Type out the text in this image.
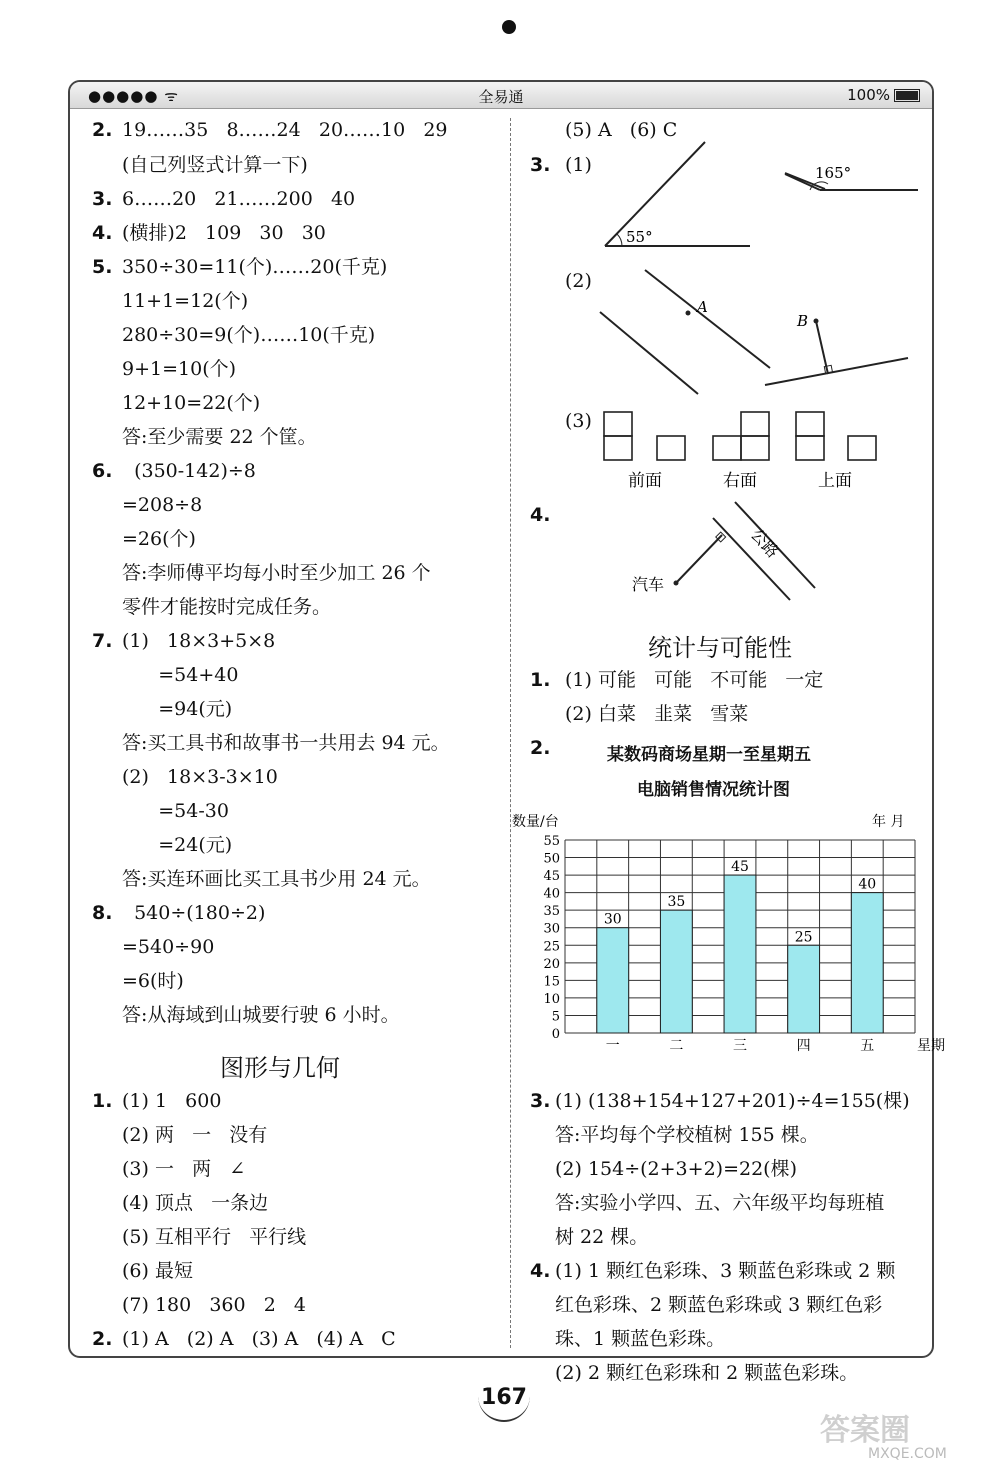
●●●●● ᯤ	全易通	100%
2. 19……35   8……24   20……10   29
(自己列竖式计算一下)
3. 6……20   21……200   40
4. (横排)2   109   30   30
5. 350÷30=11(个)……20(千克)
11+1=12(个)
280÷30=9(个)……10(千克)
9+1=10(个)
12+10=22(个)
答:至少需要 22 个筐。
6. (350-142)÷8
=208÷8
=26(个)
答:李师傅平均每小时至少加工 26 个
零件才能按时完成任务。
7. (1)   18×3+5×8
=54+40
=94(元)
答:买工具书和故事书一共用去 94 元。
(2)   18×3-3×10
=54-30
=24(元)
答:买连环画比买工具书少用 24 元。
8. 540÷(180÷2)
=540÷90
=6(时)
答:从海域到山城要行驶 6 小时。
1. (1) 1   600
(2) 两   一   没有
(3) 一   两   ∠
(4) 顶点   一条边
(5) 互相平行   平行线
(6) 最短
(7) 180   360   2   4
2. (1) A   (2) A   (3) A   (4) A   C
图形与几何
(5) A   (6) C
3. (1)
(2)
(3)
4.
55°
165°
A
B
前面	右面	上面
公路
汽车
统计与可能性
1. (1) 可能   可能   不可能   一定
(2) 白菜   韭菜   雪菜
2.	某数码商场星期一至星期五
电脑销售情况统计图
0
5
10
15
20
25
30
35
40
45
50
55
30
一
35
二
45
三
25
四
40
五
数量/台	年 月
星期
3. (1) (138+154+127+201)÷4=155(棵)
答:平均每个学校植树 155 棵。
(2) 154÷(2+3+2)=22(棵)
答:实验小学四、五、六年级平均每班植
树 22 棵。
4. (1) 1 颗红色彩珠、3 颗蓝色彩珠或 2 颗
红色彩珠、2 颗蓝色彩珠或 3 颗红色彩
珠、1 颗蓝色彩珠。
(2) 2 颗红色彩珠和 2 颗蓝色彩珠。
167
答案圈
MXQE.COM
